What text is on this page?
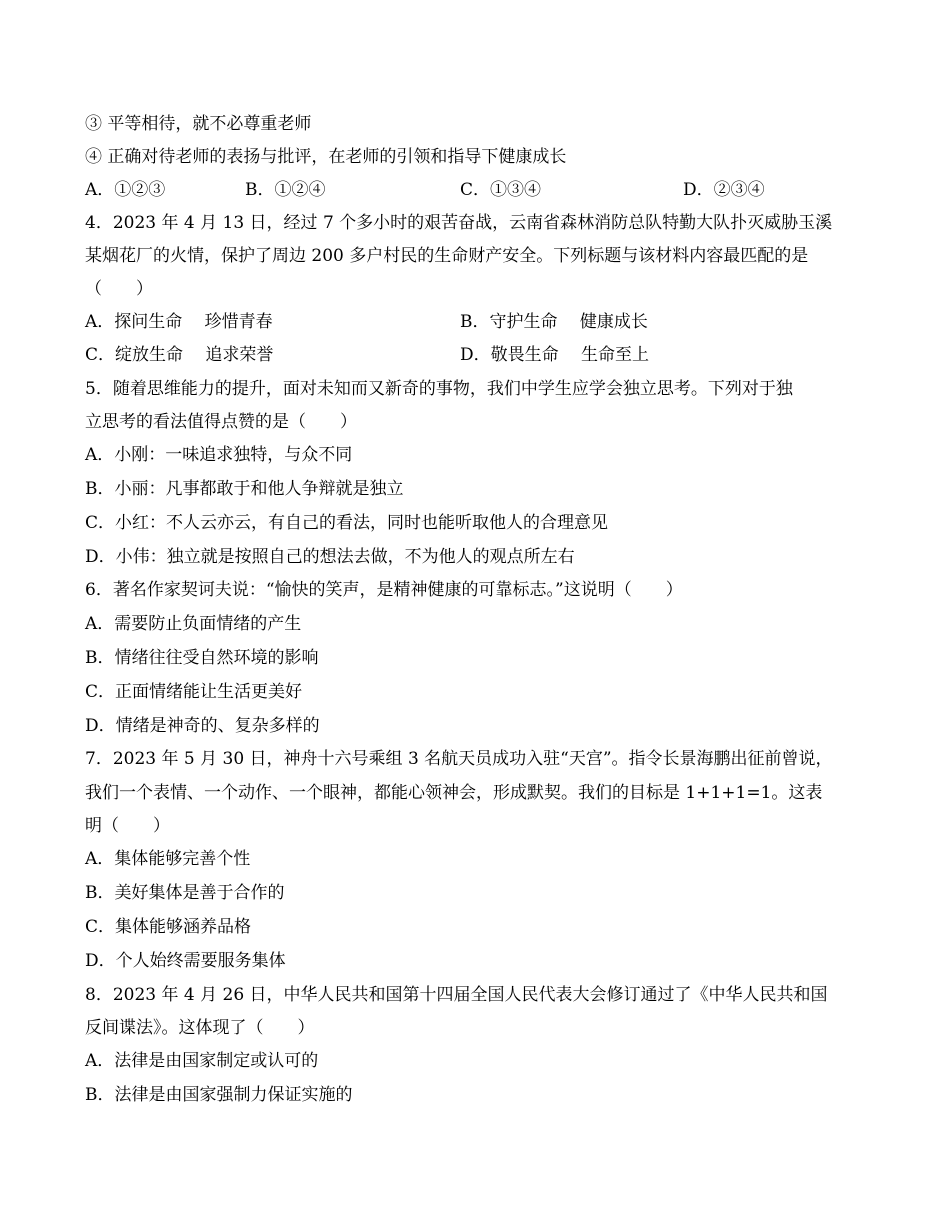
③ 平等相待，就不必尊重老师
④ 正确对待老师的表扬与批评，在老师的引领和指导下健康成长
A．①②③	B．①②④	C．①③④	D．②③④
4．2023 年 4 月 13 日，经过 7 个多小时的艰苦奋战，云南省森林消防总队特勤大队扑灭威胁玉溪
某烟花厂的火情，保护了周边 200 多户村民的生命财产安全。下列标题与该材料内容最匹配的是
（　　）
A．探问生命　 珍惜青春	B．守护生命　 健康成长
C．绽放生命　 追求荣誉	D．敬畏生命　 生命至上
5．随着思维能力的提升，面对未知而又新奇的事物，我们中学生应学会独立思考。下列对于独
立思考的看法值得点赞的是（　　）
A．小刚：一味追求独特，与众不同
B．小丽：凡事都敢于和他人争辩就是独立
C．小红：不人云亦云，有自己的看法，同时也能听取他人的合理意见
D．小伟：独立就是按照自己的想法去做，不为他人的观点所左右
6．著名作家契诃夫说：“愉快的笑声，是精神健康的可靠标志。”这说明（　　）
A．需要防止负面情绪的产生
B．情绪往往受自然环境的影响
C．正面情绪能让生活更美好
D．情绪是神奇的、复杂多样的
7．2023 年 5 月 30 日，神舟十六号乘组 3 名航天员成功入驻“天宫”。指令长景海鹏出征前曾说，
我们一个表情、一个动作、一个眼神，都能心领神会，形成默契。我们的目标是 1+1+1=1。这表
明（　　）
A．集体能够完善个性
B．美好集体是善于合作的
C．集体能够涵养品格
D．个人始终需要服务集体
8．2023 年 4 月 26 日，中华人民共和国第十四届全国人民代表大会修订通过了《中华人民共和国
反间谍法》。这体现了（　　）
A．法律是由国家制定或认可的
B．法律是由国家强制力保证实施的
